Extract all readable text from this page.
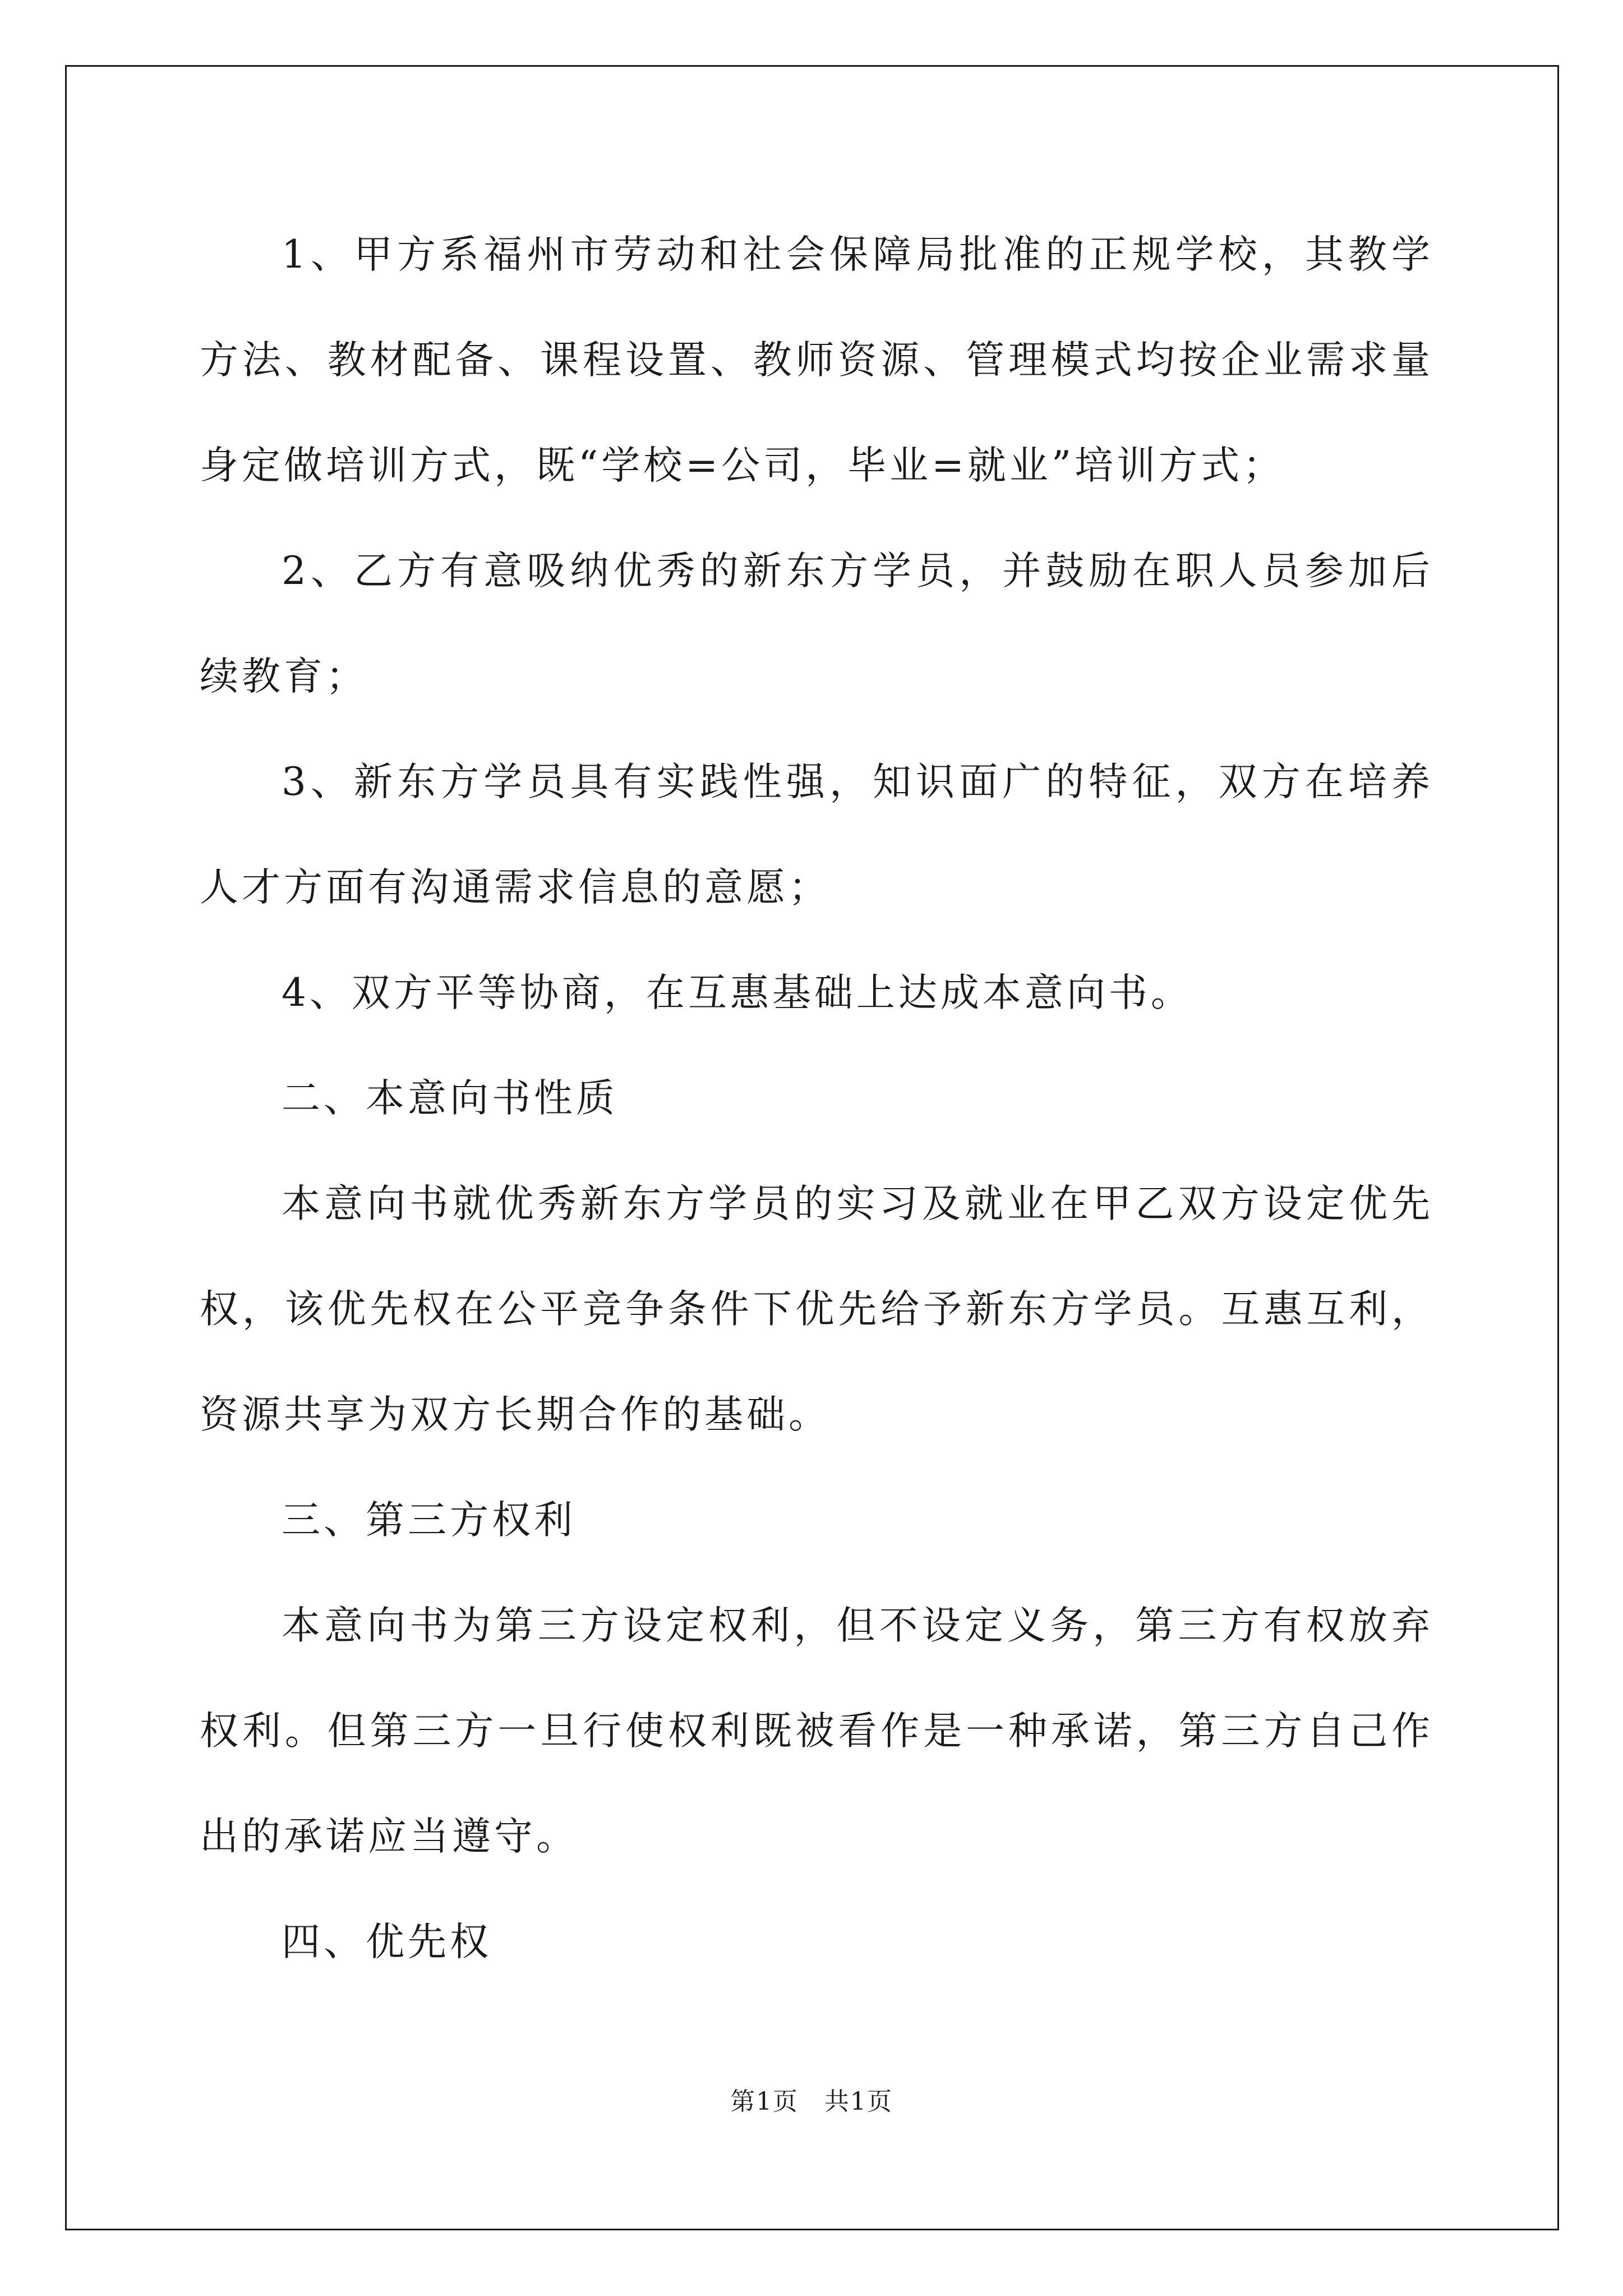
1、甲方系福州市劳动和社会保障局批准的正规学校，其教学方法、教材配备、课程设置、教师资源、管理模式均按企业需求量身定做培训方式，既“学校=公司，毕业=就业”培训方式；

2、乙方有意吸纳优秀的新东方学员，并鼓励在职人员参加后续教育；

3、新东方学员具有实践性强，知识面广的特征，双方在培养人才方面有沟通需求信息的意愿；

4、双方平等协商，在互惠基础上达成本意向书。

二、本意向书性质

本意向书就优秀新东方学员的实习及就业在甲乙双方设定优先权，该优先权在公平竞争条件下优先给予新东方学员。互惠互利，资源共享为双方长期合作的基础。

三、第三方权利

本意向书为第三方设定权利，但不设定义务，第三方有权放弃权利。但第三方一旦行使权利既被看作是一种承诺，第三方自己作出的承诺应当遵守。

四、优先权

第1页 共1页
